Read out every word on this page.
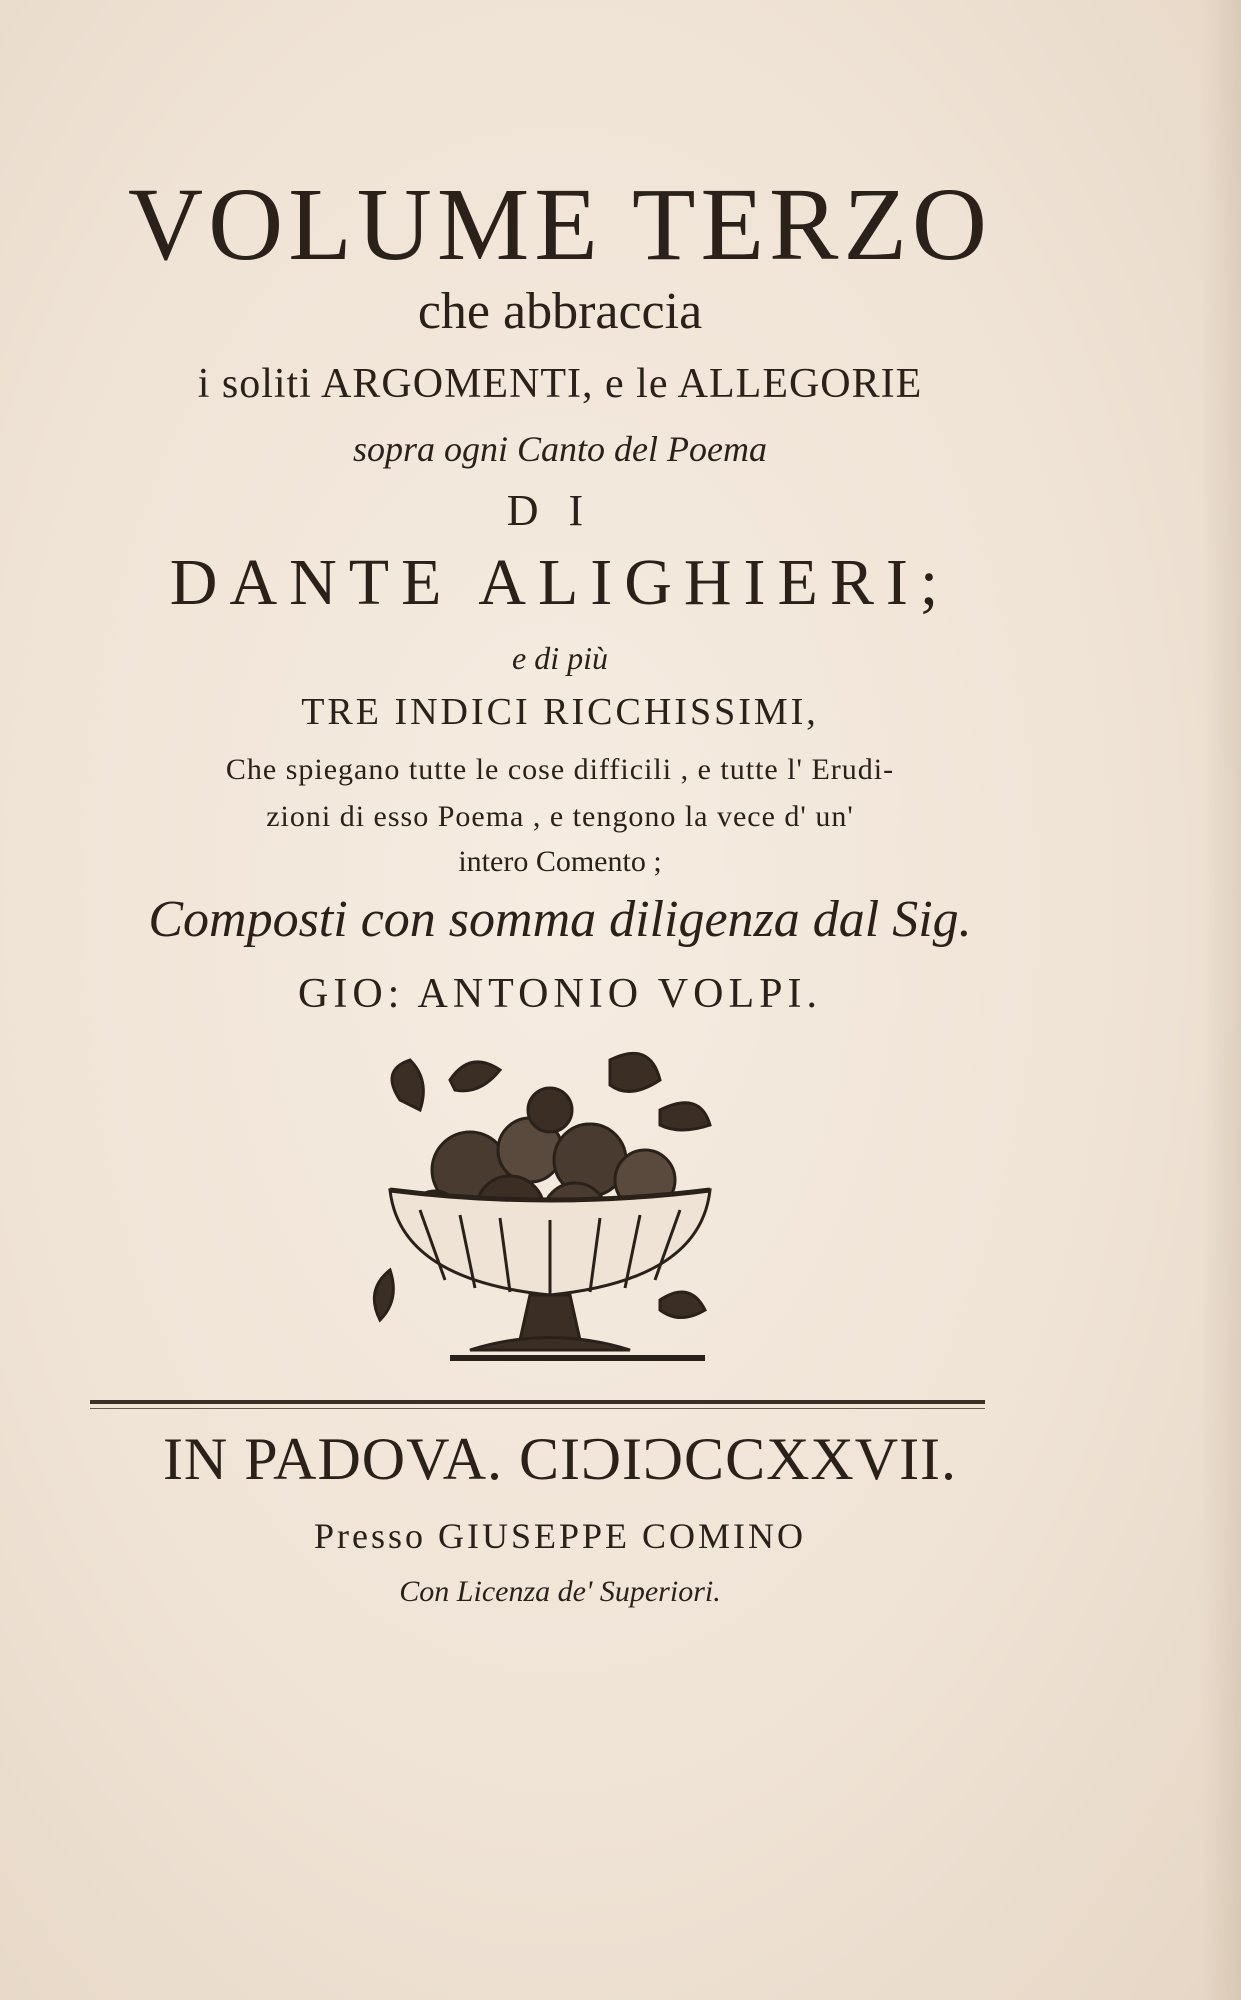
VOLUME TERZO
che abbraccia
i soliti ARGOMENTI, e le ALLEGORIE
sopra ogni Canto del Poema
DI
DANTE ALIGHIERI;
e di più
TRE INDICI RICCHISSIMI,
Che spiegano tutte le cose difficili , e tutte l' Erudi-
zioni di esso Poema , e tengono la vece d' un'
intero Comento ;
Composti con somma diligenza dal Sig.
GIO: ANTONIO VOLPI.
IN PADOVA. CIϽIϽCCXXVII.
Presso GIUSEPPE COMINO
Con Licenza de' Superiori.
